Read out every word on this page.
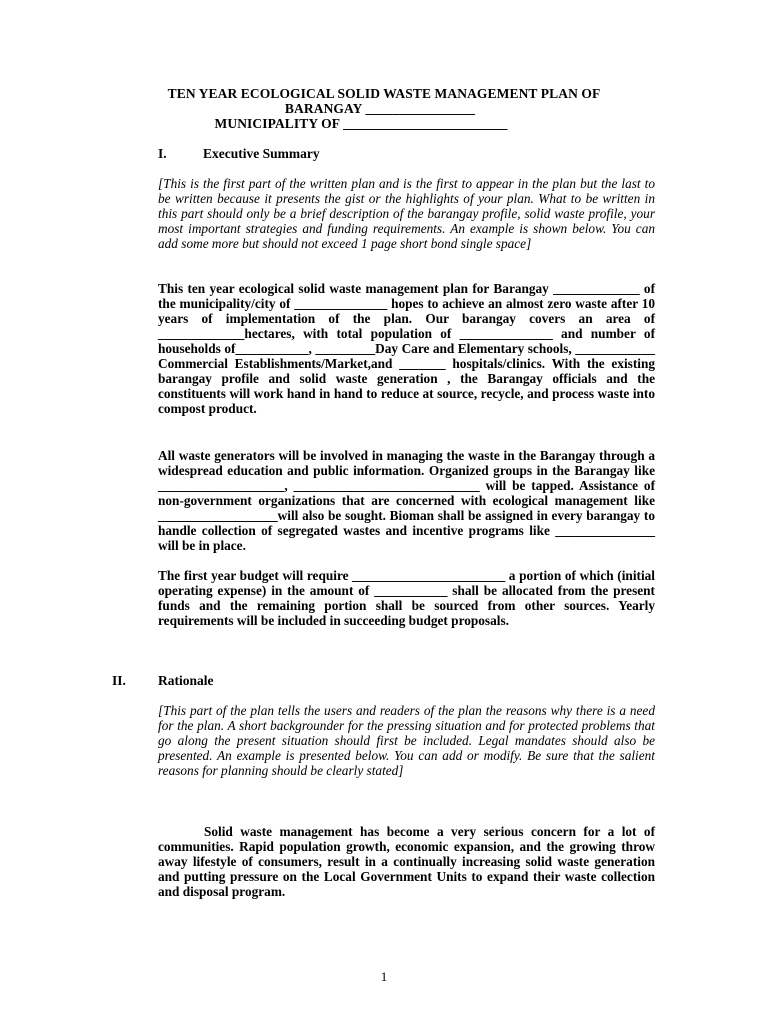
TEN YEAR ECOLOGICAL SOLID WASTE MANAGEMENT PLAN OF
BARANGAY ________________
MUNICIPALITY OF ________________________
I.	Executive Summary
[This is the first part of the written plan and is the first to appear in the plan but the last to be written because it presents the gist or the highlights of your plan. What to be written in this part should only be a brief description of the barangay profile, solid waste profile, your most important strategies and funding requirements. An example is shown below. You can add some more but should not exceed 1 page short bond single space]
This ten year ecological solid waste management plan for Barangay _____________ of the municipality/city of ______________ hopes to achieve an almost zero waste after 10 years of implementation of the plan. Our barangay covers an area of _____________hectares, with total population of ______________ and number of households of___________, _________Day Care and Elementary schools, ____________ Commercial Establishments/Market,and _______ hospitals/clinics. With the existing barangay profile and solid waste generation , the Barangay officials and the constituents will work hand in hand to reduce at source, recycle, and process waste into compost product.
All waste generators will be involved in managing the waste in the Barangay through a widespread education and public information. Organized groups in the Barangay like ___________________, ____________________________ will be tapped. Assistance of non-government organizations that are concerned with ecological management like __________________will also be sought. Bioman shall be assigned in every barangay to handle collection of segregated wastes and incentive programs like _______________ will be in place.
The first year budget will require _______________________ a portion of which (initial operating expense) in the amount of ___________ shall be allocated from the present funds and the remaining portion shall be sourced from other sources. Yearly requirements will be included in succeeding budget proposals.
II. Rationale
[This part of the plan tells the users and readers of the plan the reasons why there is a need for the plan. A short backgrounder for the pressing situation and for protected problems that go along the present situation should first be included. Legal mandates should also be presented. An example is presented below. You can add or modify. Be sure that the salient reasons for planning should be clearly stated]
Solid waste management has become a very serious concern for a lot of communities. Rapid population growth, economic expansion, and the growing throw away lifestyle of consumers, result in a continually increasing solid waste generation and putting pressure on the Local Government Units to expand their waste collection and disposal program.
1
